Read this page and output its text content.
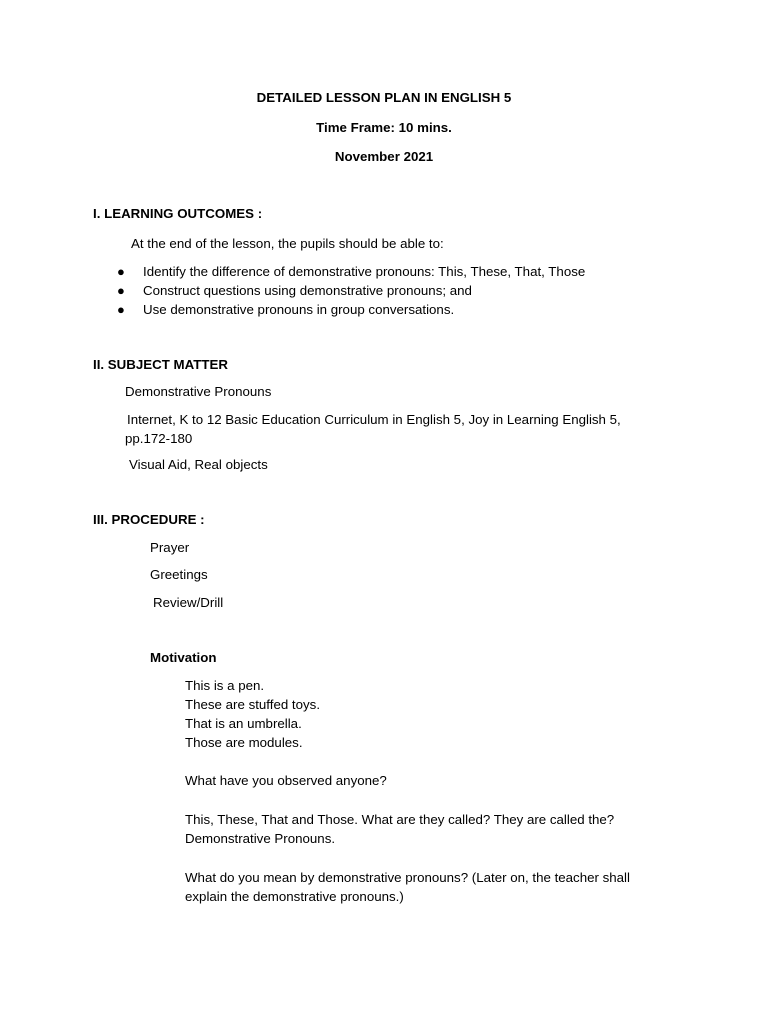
DETAILED LESSON PLAN IN ENGLISH 5
Time Frame: 10 mins.
November 2021
I. LEARNING OUTCOMES :
At the end of the lesson, the pupils should be able to:
● Identify the difference of demonstrative pronouns: This, These, That, Those
● Construct questions using demonstrative pronouns; and
● Use demonstrative pronouns in group conversations.
II. SUBJECT MATTER
Demonstrative Pronouns
Internet, K to 12 Basic Education Curriculum in English 5, Joy in Learning English 5,
pp.172-180
Visual Aid, Real objects
III. PROCEDURE :
Prayer
Greetings
Review/Drill
Motivation
This is a pen.
These are stuffed toys.
That is an umbrella.
Those are modules.
What have you observed anyone?
This, These, That and Those. What are they called? They are called the?
Demonstrative Pronouns.
What do you mean by demonstrative pronouns? (Later on, the teacher shall
explain the demonstrative pronouns.)
